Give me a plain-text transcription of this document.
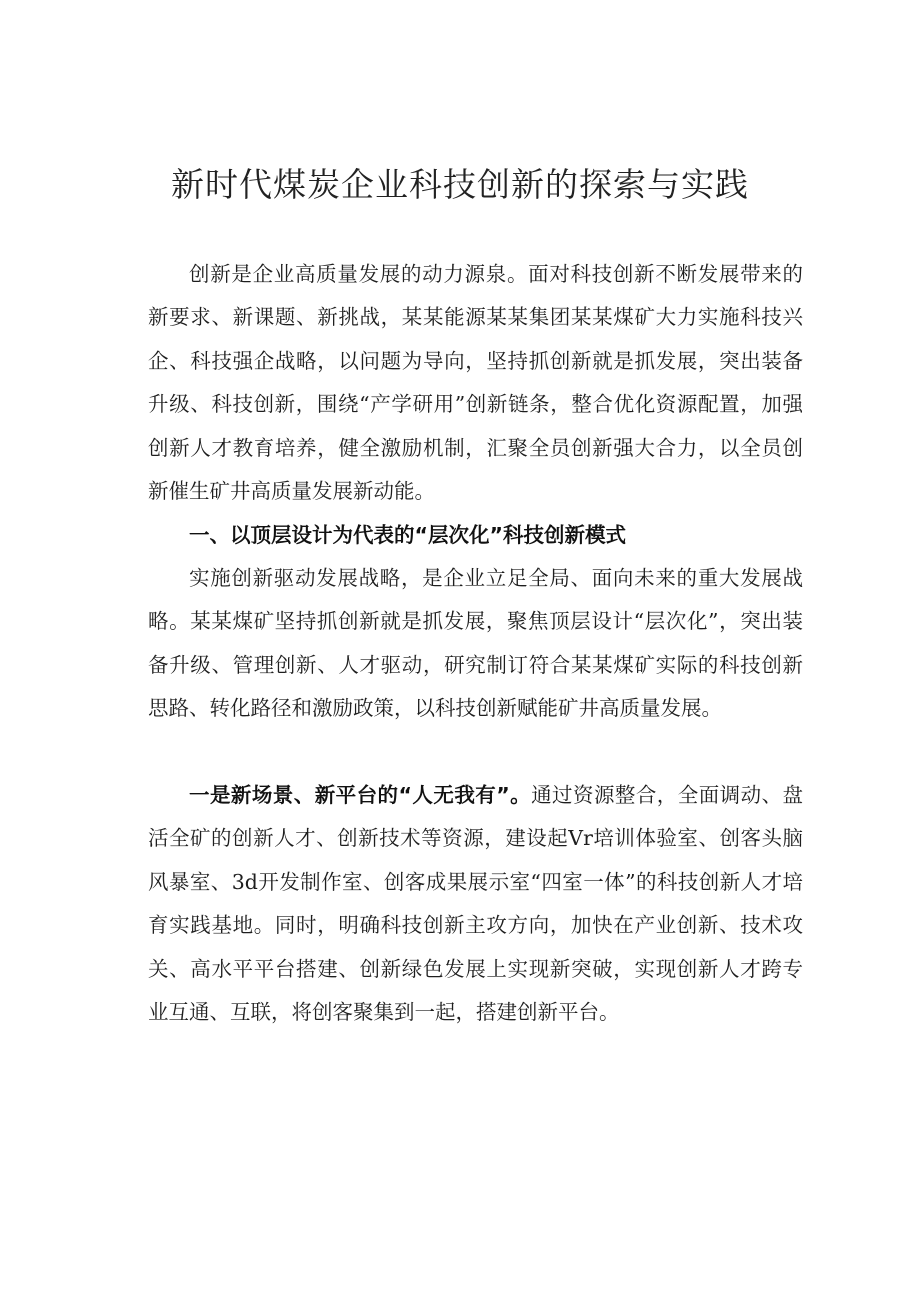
新时代煤炭企业科技创新的探索与实践

创新是企业高质量发展的动力源泉。面对科技创新不断发展带来的新要求、新课题、新挑战，某某能源某某集团某某煤矿大力实施科技兴企、科技强企战略，以问题为导向，坚持抓创新就是抓发展，突出装备升级、科技创新，围绕“产学研用”创新链条，整合优化资源配置，加强创新人才教育培养，健全激励机制，汇聚全员创新强大合力，以全员创新催生矿井高质量发展新动能。

一、以顶层设计为代表的“层次化”科技创新模式

实施创新驱动发展战略，是企业立足全局、面向未来的重大发展战略。某某煤矿坚持抓创新就是抓发展，聚焦顶层设计“层次化”，突出装备升级、管理创新、人才驱动，研究制订符合某某煤矿实际的科技创新思路、转化路径和激励政策，以科技创新赋能矿井高质量发展。

一是新场景、新平台的“人无我有”。通过资源整合，全面调动、盘活全矿的创新人才、创新技术等资源，建设起Vr培训体验室、创客头脑风暴室、3d开发制作室、创客成果展示室“四室一体”的科技创新人才培育实践基地。同时，明确科技创新主攻方向，加快在产业创新、技术攻关、高水平平台搭建、创新绿色发展上实现新突破，实现创新人才跨专业互通、互联，将创客聚集到一起，搭建创新平台。
